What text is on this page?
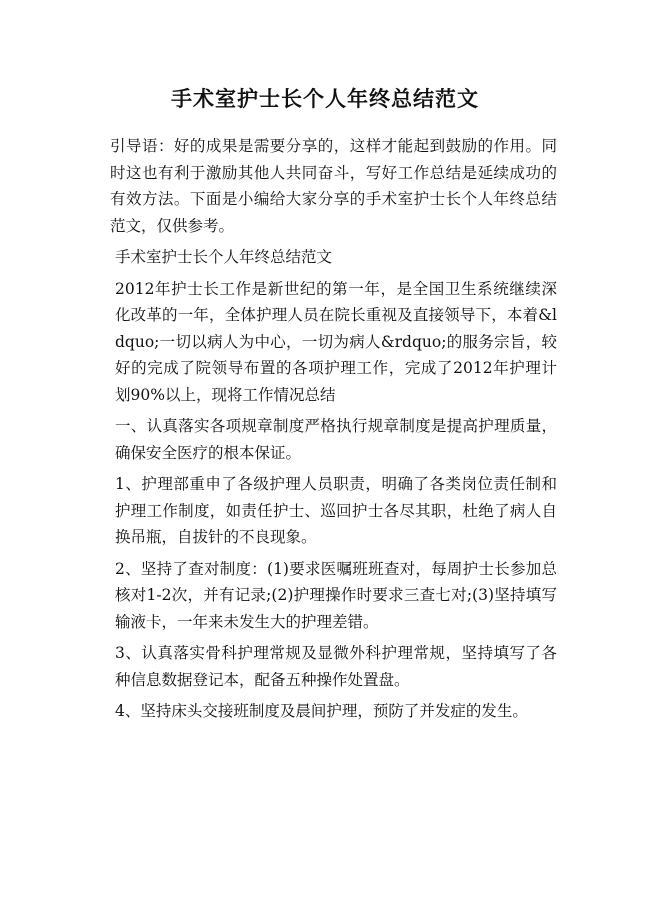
手术室护士长个人年终总结范文

引导语：好的成果是需要分享的，这样才能起到鼓励的作用。同时这也有利于激励其他人共同奋斗，写好工作总结是延续成功的有效方法。下面是小编给大家分享的手术室护士长个人年终总结范文，仅供参考。

手术室护士长个人年终总结范文

2012年护士长工作是新世纪的第一年，是全国卫生系统继续深化改革的一年，全体护理人员在院长重视及直接领导下，本着&ldquo;一切以病人为中心，一切为病人&rdquo;的服务宗旨，较好的完成了院领导布置的各项护理工作，完成了2012年护理计划90%以上，现将工作情况总结

一、认真落实各项规章制度严格执行规章制度是提高护理质量，确保安全医疗的根本保证。

1、护理部重申了各级护理人员职责，明确了各类岗位责任制和护理工作制度，如责任护士、巡回护士各尽其职，杜绝了病人自换吊瓶，自拔针的不良现象。

2、坚持了查对制度：(1)要求医嘱班班查对，每周护士长参加总核对1-2次，并有记录;(2)护理操作时要求三查七对;(3)坚持填写输液卡，一年来未发生大的护理差错。

3、认真落实骨科护理常规及显微外科护理常规，坚持填写了各种信息数据登记本，配备五种操作处置盘。

4、坚持床头交接班制度及晨间护理，预防了并发症的发生。
